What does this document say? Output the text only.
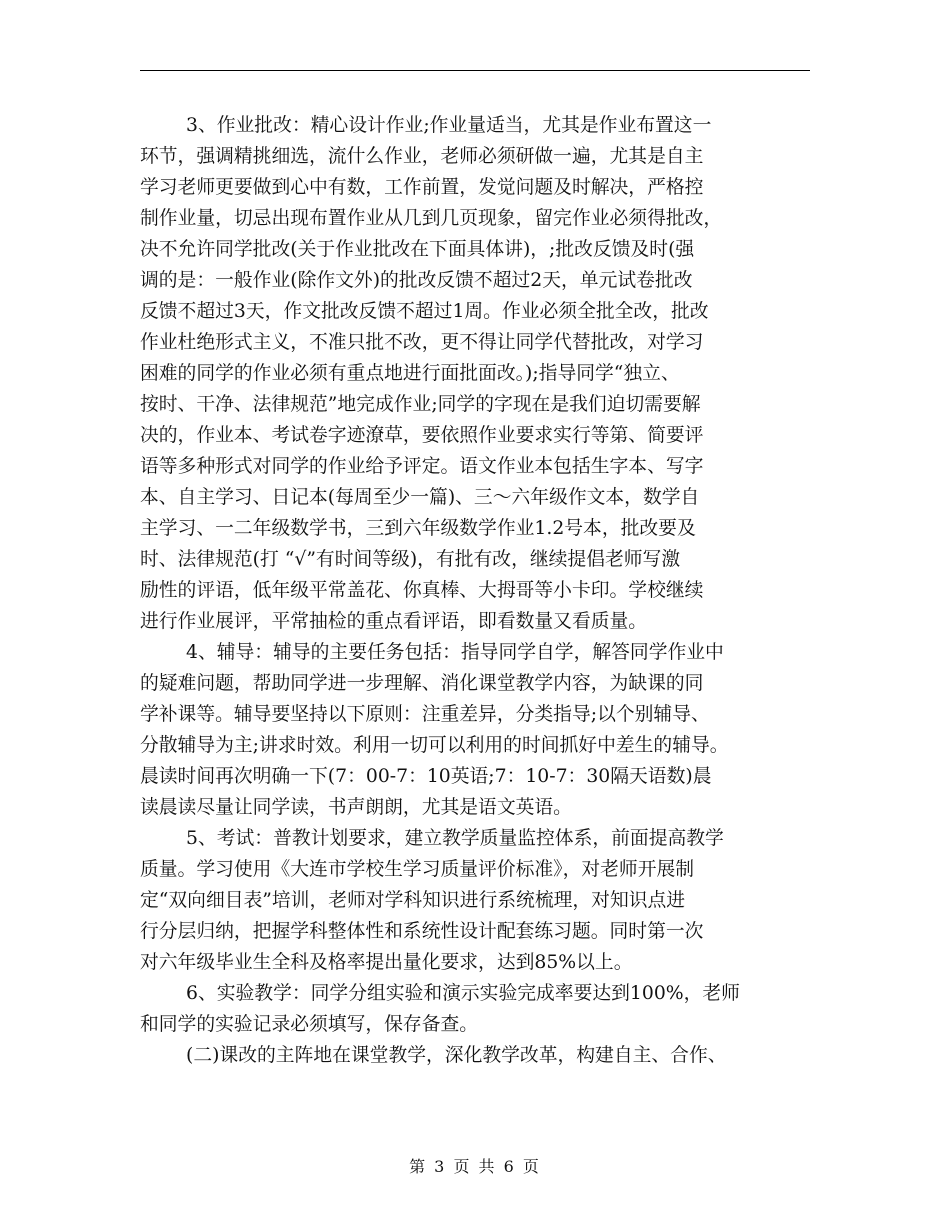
3、作业批改：精心设计作业;作业量适当，尤其是作业布置这一
环节，强调精挑细选，流什么作业，老师必须研做一遍，尤其是自主
学习老师更要做到心中有数，工作前置，发觉问题及时解决，严格控
制作业量，切忌出现布置作业从几到几页现象，留完作业必须得批改，
决不允许同学批改(关于作业批改在下面具体讲)，;批改反馈及时(强
调的是：一般作业(除作文外)的批改反馈不超过2天，单元试卷批改
反馈不超过3天，作文批改反馈不超过1周。作业必须全批全改，批改
作业杜绝形式主义，不准只批不改，更不得让同学代替批改，对学习
困难的同学的作业必须有重点地进行面批面改。);指导同学“独立、
按时、干净、法律规范”地完成作业;同学的字现在是我们迫切需要解
决的，作业本、考试卷字迹潦草，要依照作业要求实行等第、简要评
语等多种形式对同学的作业给予评定。语文作业本包括生字本、写字
本、自主学习、日记本(每周至少一篇)、三～六年级作文本，数学自
主学习、一二年级数学书，三到六年级数学作业1.2号本，批改要及
时、法律规范(打 “√”有时间等级)，有批有改，继续提倡老师写激
励性的评语，低年级平常盖花、你真棒、大拇哥等小卡印。学校继续
进行作业展评，平常抽检的重点看评语，即看数量又看质量。
4、辅导：辅导的主要任务包括：指导同学自学，解答同学作业中
的疑难问题，帮助同学进一步理解、消化课堂教学内容，为缺课的同
学补课等。辅导要坚持以下原则：注重差异，分类指导;以个别辅导、
分散辅导为主;讲求时效。利用一切可以利用的时间抓好中差生的辅导。
晨读时间再次明确一下(7：00-7：10英语;7：10-7：30隔天语数)晨
读晨读尽量让同学读，书声朗朗，尤其是语文英语。
5、考试：普教计划要求，建立教学质量监控体系，前面提高教学
质量。学习使用《大连市学校生学习质量评价标准》，对老师开展制
定“双向细目表”培训，老师对学科知识进行系统梳理，对知识点进
行分层归纳，把握学科整体性和系统性设计配套练习题。同时第一次
对六年级毕业生全科及格率提出量化要求，达到85%以上。
6、实验教学：同学分组实验和演示实验完成率要达到100%，老师
和同学的实验记录必须填写，保存备查。
(二)课改的主阵地在课堂教学，深化教学改革，构建自主、合作、
第 3 页 共 6 页
